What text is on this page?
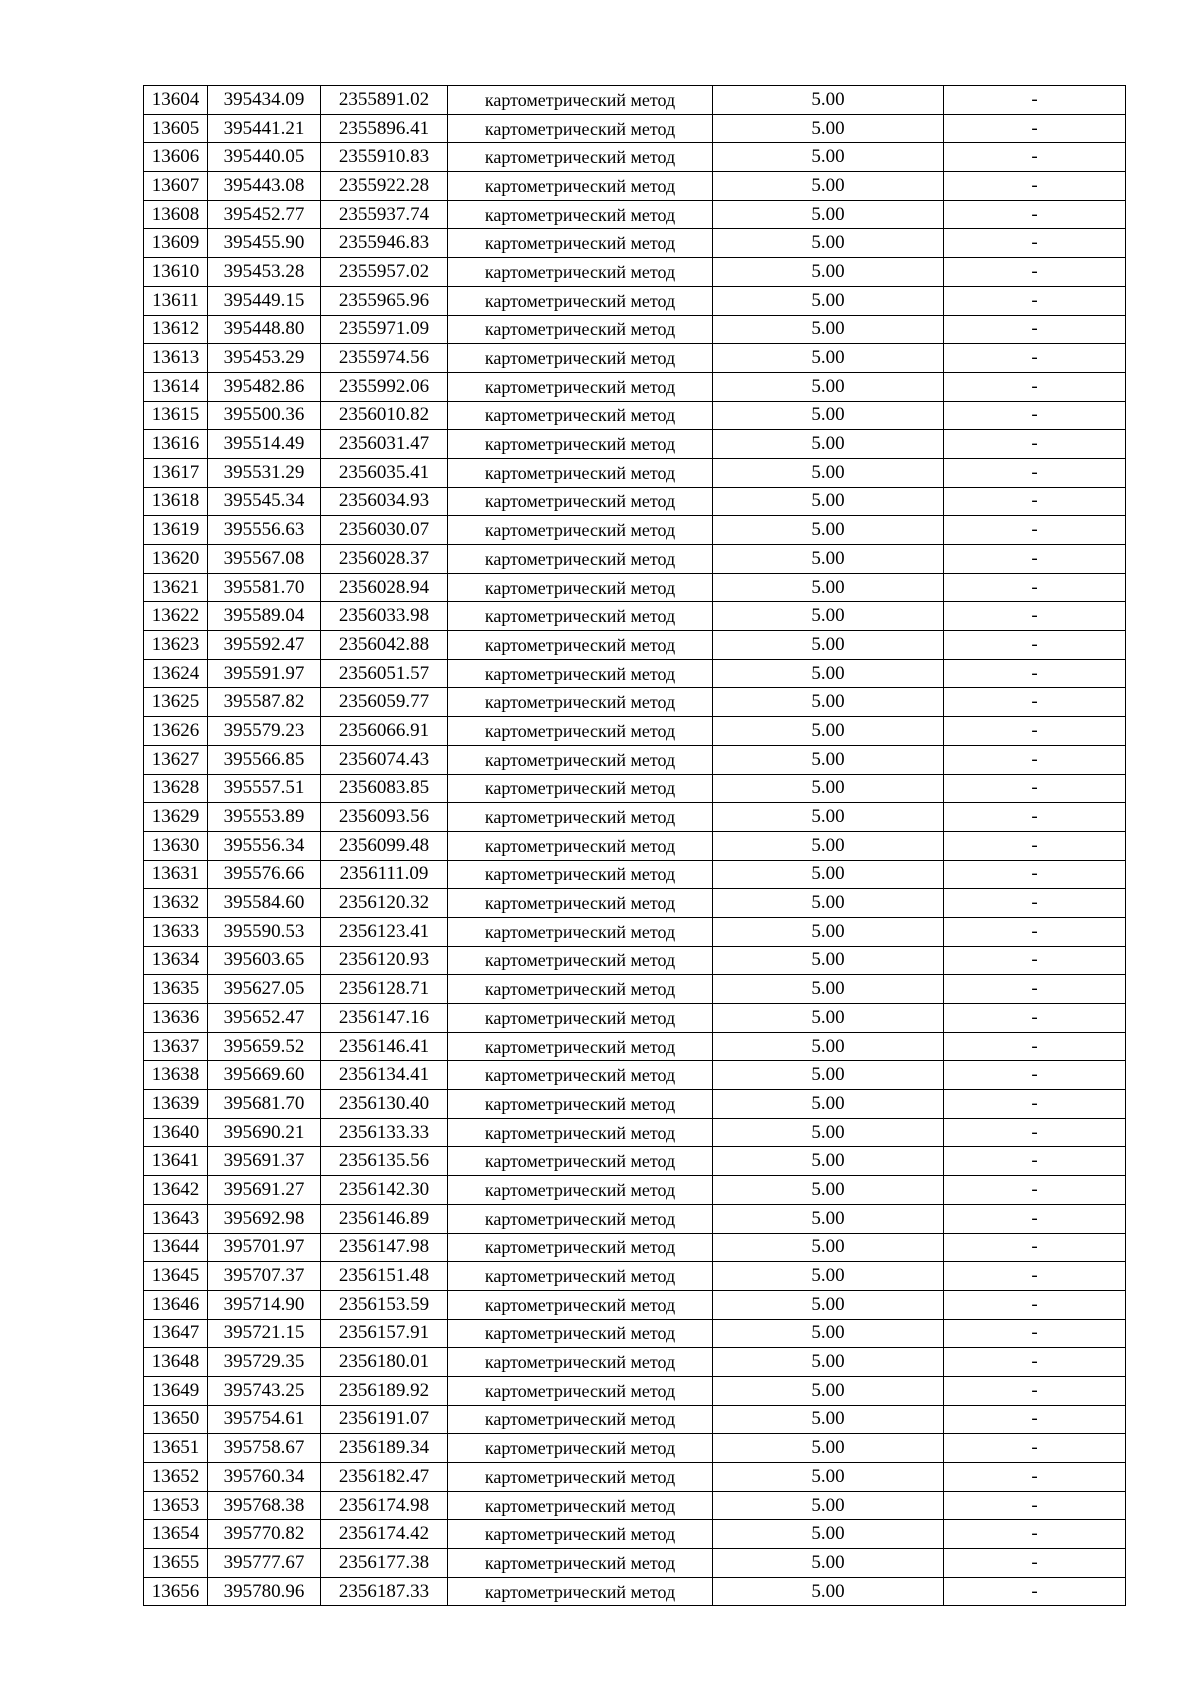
13604	395434.09	2355891.02	картометрический метод	5.00	-
13605	395441.21	2355896.41	картометрический метод	5.00	-
13606	395440.05	2355910.83	картометрический метод	5.00	-
13607	395443.08	2355922.28	картометрический метод	5.00	-
13608	395452.77	2355937.74	картометрический метод	5.00	-
13609	395455.90	2355946.83	картометрический метод	5.00	-
13610	395453.28	2355957.02	картометрический метод	5.00	-
13611	395449.15	2355965.96	картометрический метод	5.00	-
13612	395448.80	2355971.09	картометрический метод	5.00	-
13613	395453.29	2355974.56	картометрический метод	5.00	-
13614	395482.86	2355992.06	картометрический метод	5.00	-
13615	395500.36	2356010.82	картометрический метод	5.00	-
13616	395514.49	2356031.47	картометрический метод	5.00	-
13617	395531.29	2356035.41	картометрический метод	5.00	-
13618	395545.34	2356034.93	картометрический метод	5.00	-
13619	395556.63	2356030.07	картометрический метод	5.00	-
13620	395567.08	2356028.37	картометрический метод	5.00	-
13621	395581.70	2356028.94	картометрический метод	5.00	-
13622	395589.04	2356033.98	картометрический метод	5.00	-
13623	395592.47	2356042.88	картометрический метод	5.00	-
13624	395591.97	2356051.57	картометрический метод	5.00	-
13625	395587.82	2356059.77	картометрический метод	5.00	-
13626	395579.23	2356066.91	картометрический метод	5.00	-
13627	395566.85	2356074.43	картометрический метод	5.00	-
13628	395557.51	2356083.85	картометрический метод	5.00	-
13629	395553.89	2356093.56	картометрический метод	5.00	-
13630	395556.34	2356099.48	картометрический метод	5.00	-
13631	395576.66	2356111.09	картометрический метод	5.00	-
13632	395584.60	2356120.32	картометрический метод	5.00	-
13633	395590.53	2356123.41	картометрический метод	5.00	-
13634	395603.65	2356120.93	картометрический метод	5.00	-
13635	395627.05	2356128.71	картометрический метод	5.00	-
13636	395652.47	2356147.16	картометрический метод	5.00	-
13637	395659.52	2356146.41	картометрический метод	5.00	-
13638	395669.60	2356134.41	картометрический метод	5.00	-
13639	395681.70	2356130.40	картометрический метод	5.00	-
13640	395690.21	2356133.33	картометрический метод	5.00	-
13641	395691.37	2356135.56	картометрический метод	5.00	-
13642	395691.27	2356142.30	картометрический метод	5.00	-
13643	395692.98	2356146.89	картометрический метод	5.00	-
13644	395701.97	2356147.98	картометрический метод	5.00	-
13645	395707.37	2356151.48	картометрический метод	5.00	-
13646	395714.90	2356153.59	картометрический метод	5.00	-
13647	395721.15	2356157.91	картометрический метод	5.00	-
13648	395729.35	2356180.01	картометрический метод	5.00	-
13649	395743.25	2356189.92	картометрический метод	5.00	-
13650	395754.61	2356191.07	картометрический метод	5.00	-
13651	395758.67	2356189.34	картометрический метод	5.00	-
13652	395760.34	2356182.47	картометрический метод	5.00	-
13653	395768.38	2356174.98	картометрический метод	5.00	-
13654	395770.82	2356174.42	картометрический метод	5.00	-
13655	395777.67	2356177.38	картометрический метод	5.00	-
13656	395780.96	2356187.33	картометрический метод	5.00	-
